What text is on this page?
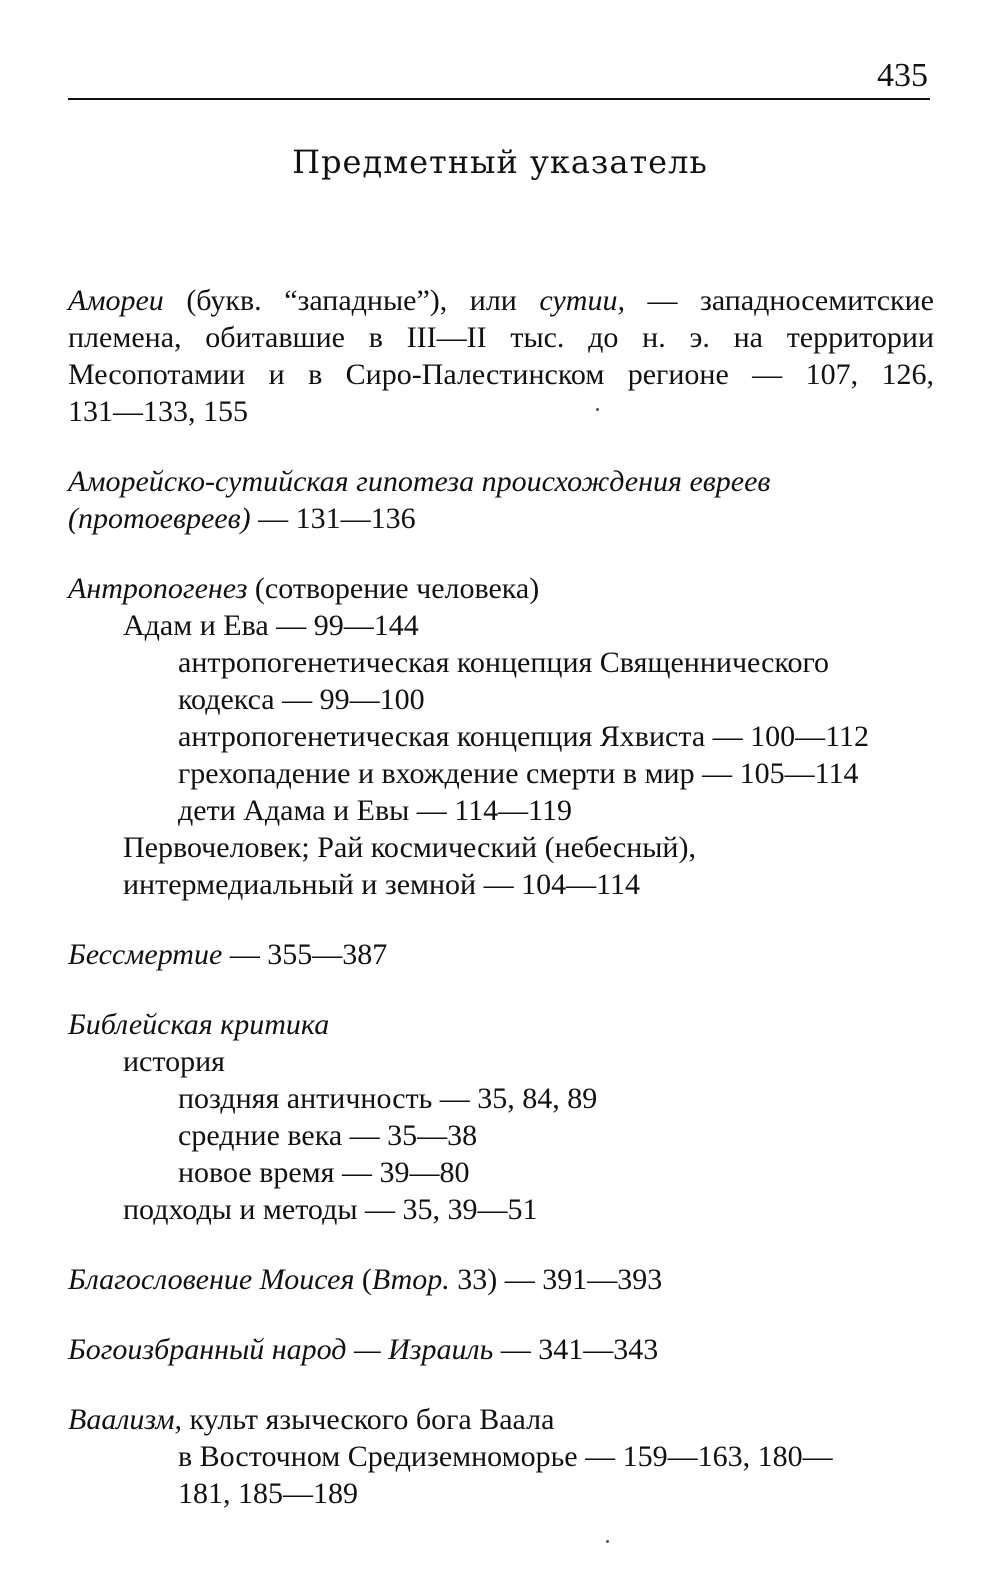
435
Предметный указатель
Амореи (букв. “западные”), или сутии, — западносемитские
племена, обитавшие в III—II тыс. до н. э. на территории
Месопотамии и в Сиро-Палестинском регионе — 107, 126,
131—133, 155
Аморейско-сутийская гипотеза происхождения евреев
(протоевреев) — 131—136
Антропогенез (сотворение человека)
Адам и Ева — 99—144
антропогенетическая концепция Священнического
кодекса — 99—100
антропогенетическая концепция Яхвиста — 100—112
грехопадение и вхождение смерти в мир — 105—114
дети Адама и Евы — 114—119
Первочеловек; Рай космический (небесный),
интермедиальный и земной — 104—114
Бессмертие — 355—387
Библейская критика
история
поздняя античность — 35, 84, 89
средние века — 35—38
новое время — 39—80
подходы и методы — 35, 39—51
Благословение Моисея (Втор. 33) — 391—393
Богоизбранный народ — Израиль — 341—343
Ваализм, культ языческого бога Ваала
в Восточном Средиземноморье — 159—163, 180—
181, 185—189
